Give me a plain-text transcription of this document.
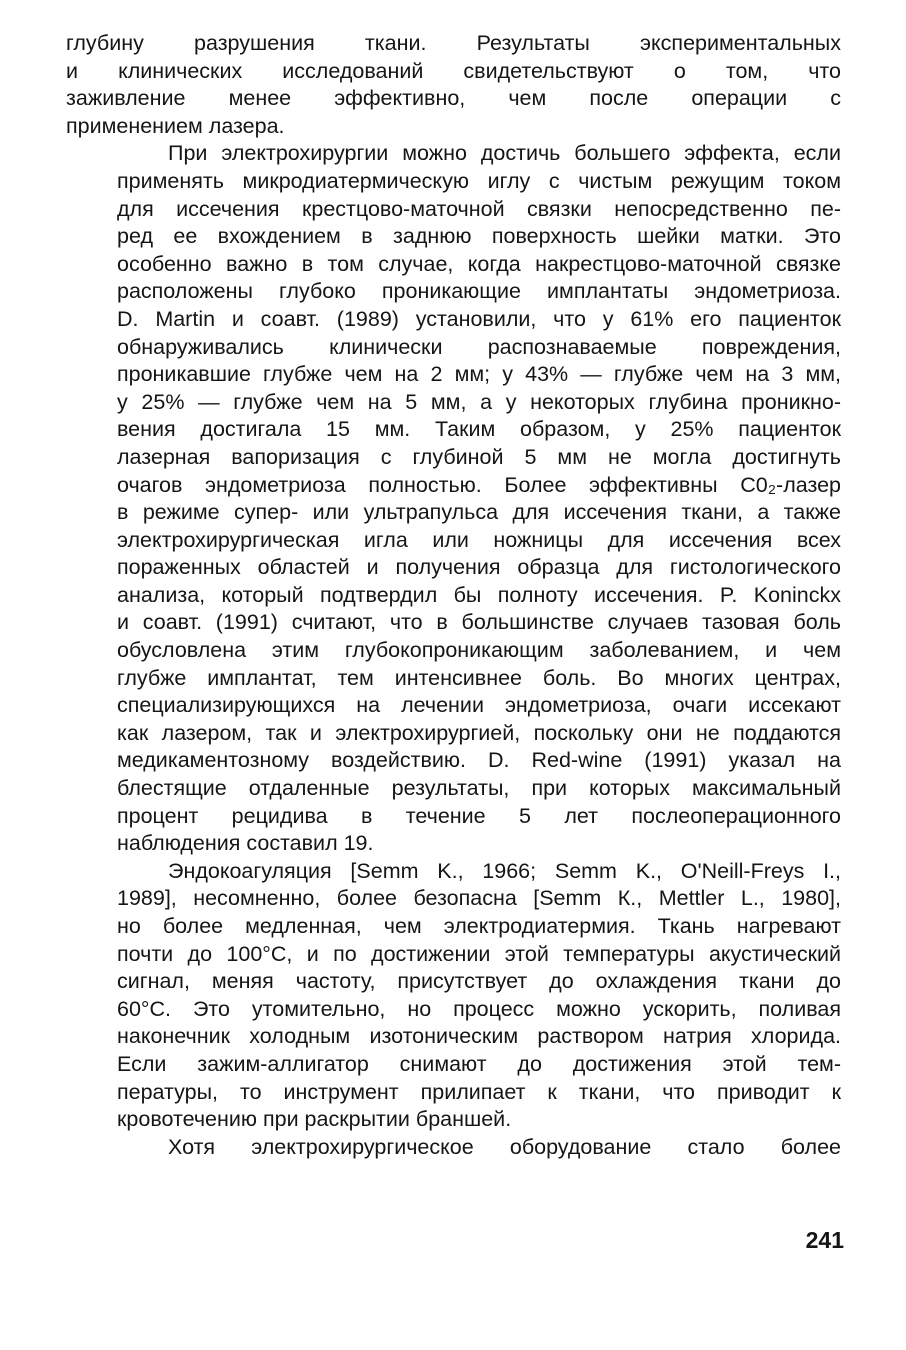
глубину разрушения ткани. Результаты экспериментальных
и клинических исследований свидетельствуют о том, что
заживление менее эффективно, чем после операции с
применением лазера.
При электрохирургии можно достичь большего эффекта, если
применять микродиатермическую иглу с чистым режущим током
для иссечения крестцово-маточной связки непосредственно пе-
ред ее вхождением в заднюю поверхность шейки матки. Это
особенно важно в том случае, когда накрестцово-маточной связке
расположены глубоко проникающие имплантаты эндометриоза.
D. Martin и соавт. (1989) установили, что у 61% его пациенток
обнаруживались клинически распознаваемые повреждения,
проникавшие глубже чем на 2 мм; у 43% — глубже чем на 3 мм,
у 25% — глубже чем на 5 мм, а у некоторых глубина проникно-
вения достигала 15 мм. Таким образом, у 25% пациенток
лазерная вапоризация с глубиной 5 мм не могла достигнуть
очагов эндометриоза полностью. Более эффективны С0₂-лазер
в режиме супер- или ультрапульса для иссечения ткани, а также
электрохирургическая игла или ножницы для иссечения всех
пораженных областей и получения образца для гистологического
анализа, который подтвердил бы полноту иссечения. P. Koninckx
и соавт. (1991) считают, что в большинстве случаев тазовая боль
обусловлена этим глубокопроникающим заболеванием, и чем
глубже имплантат, тем интенсивнее боль. Во многих центрах,
специализирующихся на лечении эндометриоза, очаги иссекают
как лазером, так и электрохирургией, поскольку они не поддаются
медикаментозному воздействию. D. Red-wine (1991) указал на
блестящие отдаленные результаты, при которых максимальный
процент рецидива в течение 5 лет послеоперационного
наблюдения составил 19.
Эндокоагуляция [Semm K., 1966; Semm K., O'Neill-Freys I.,
1989], несомненно, более безопасна [Semm К., Mettler L., 1980],
но более медленная, чем электродиатермия. Ткань нагревают
почти до 100°С, и по достижении этой температуры акустический
сигнал, меняя частоту, присутствует до охлаждения ткани до
60°С. Это утомительно, но процесс можно ускорить, поливая
наконечник холодным изотоническим раствором натрия хлорида.
Если зажим-аллигатор снимают до достижения этой тем-
пературы, то инструмент прилипает к ткани, что приводит к
кровотечению при раскрытии браншей.
Хотя электрохирургическое оборудование стало более
241
